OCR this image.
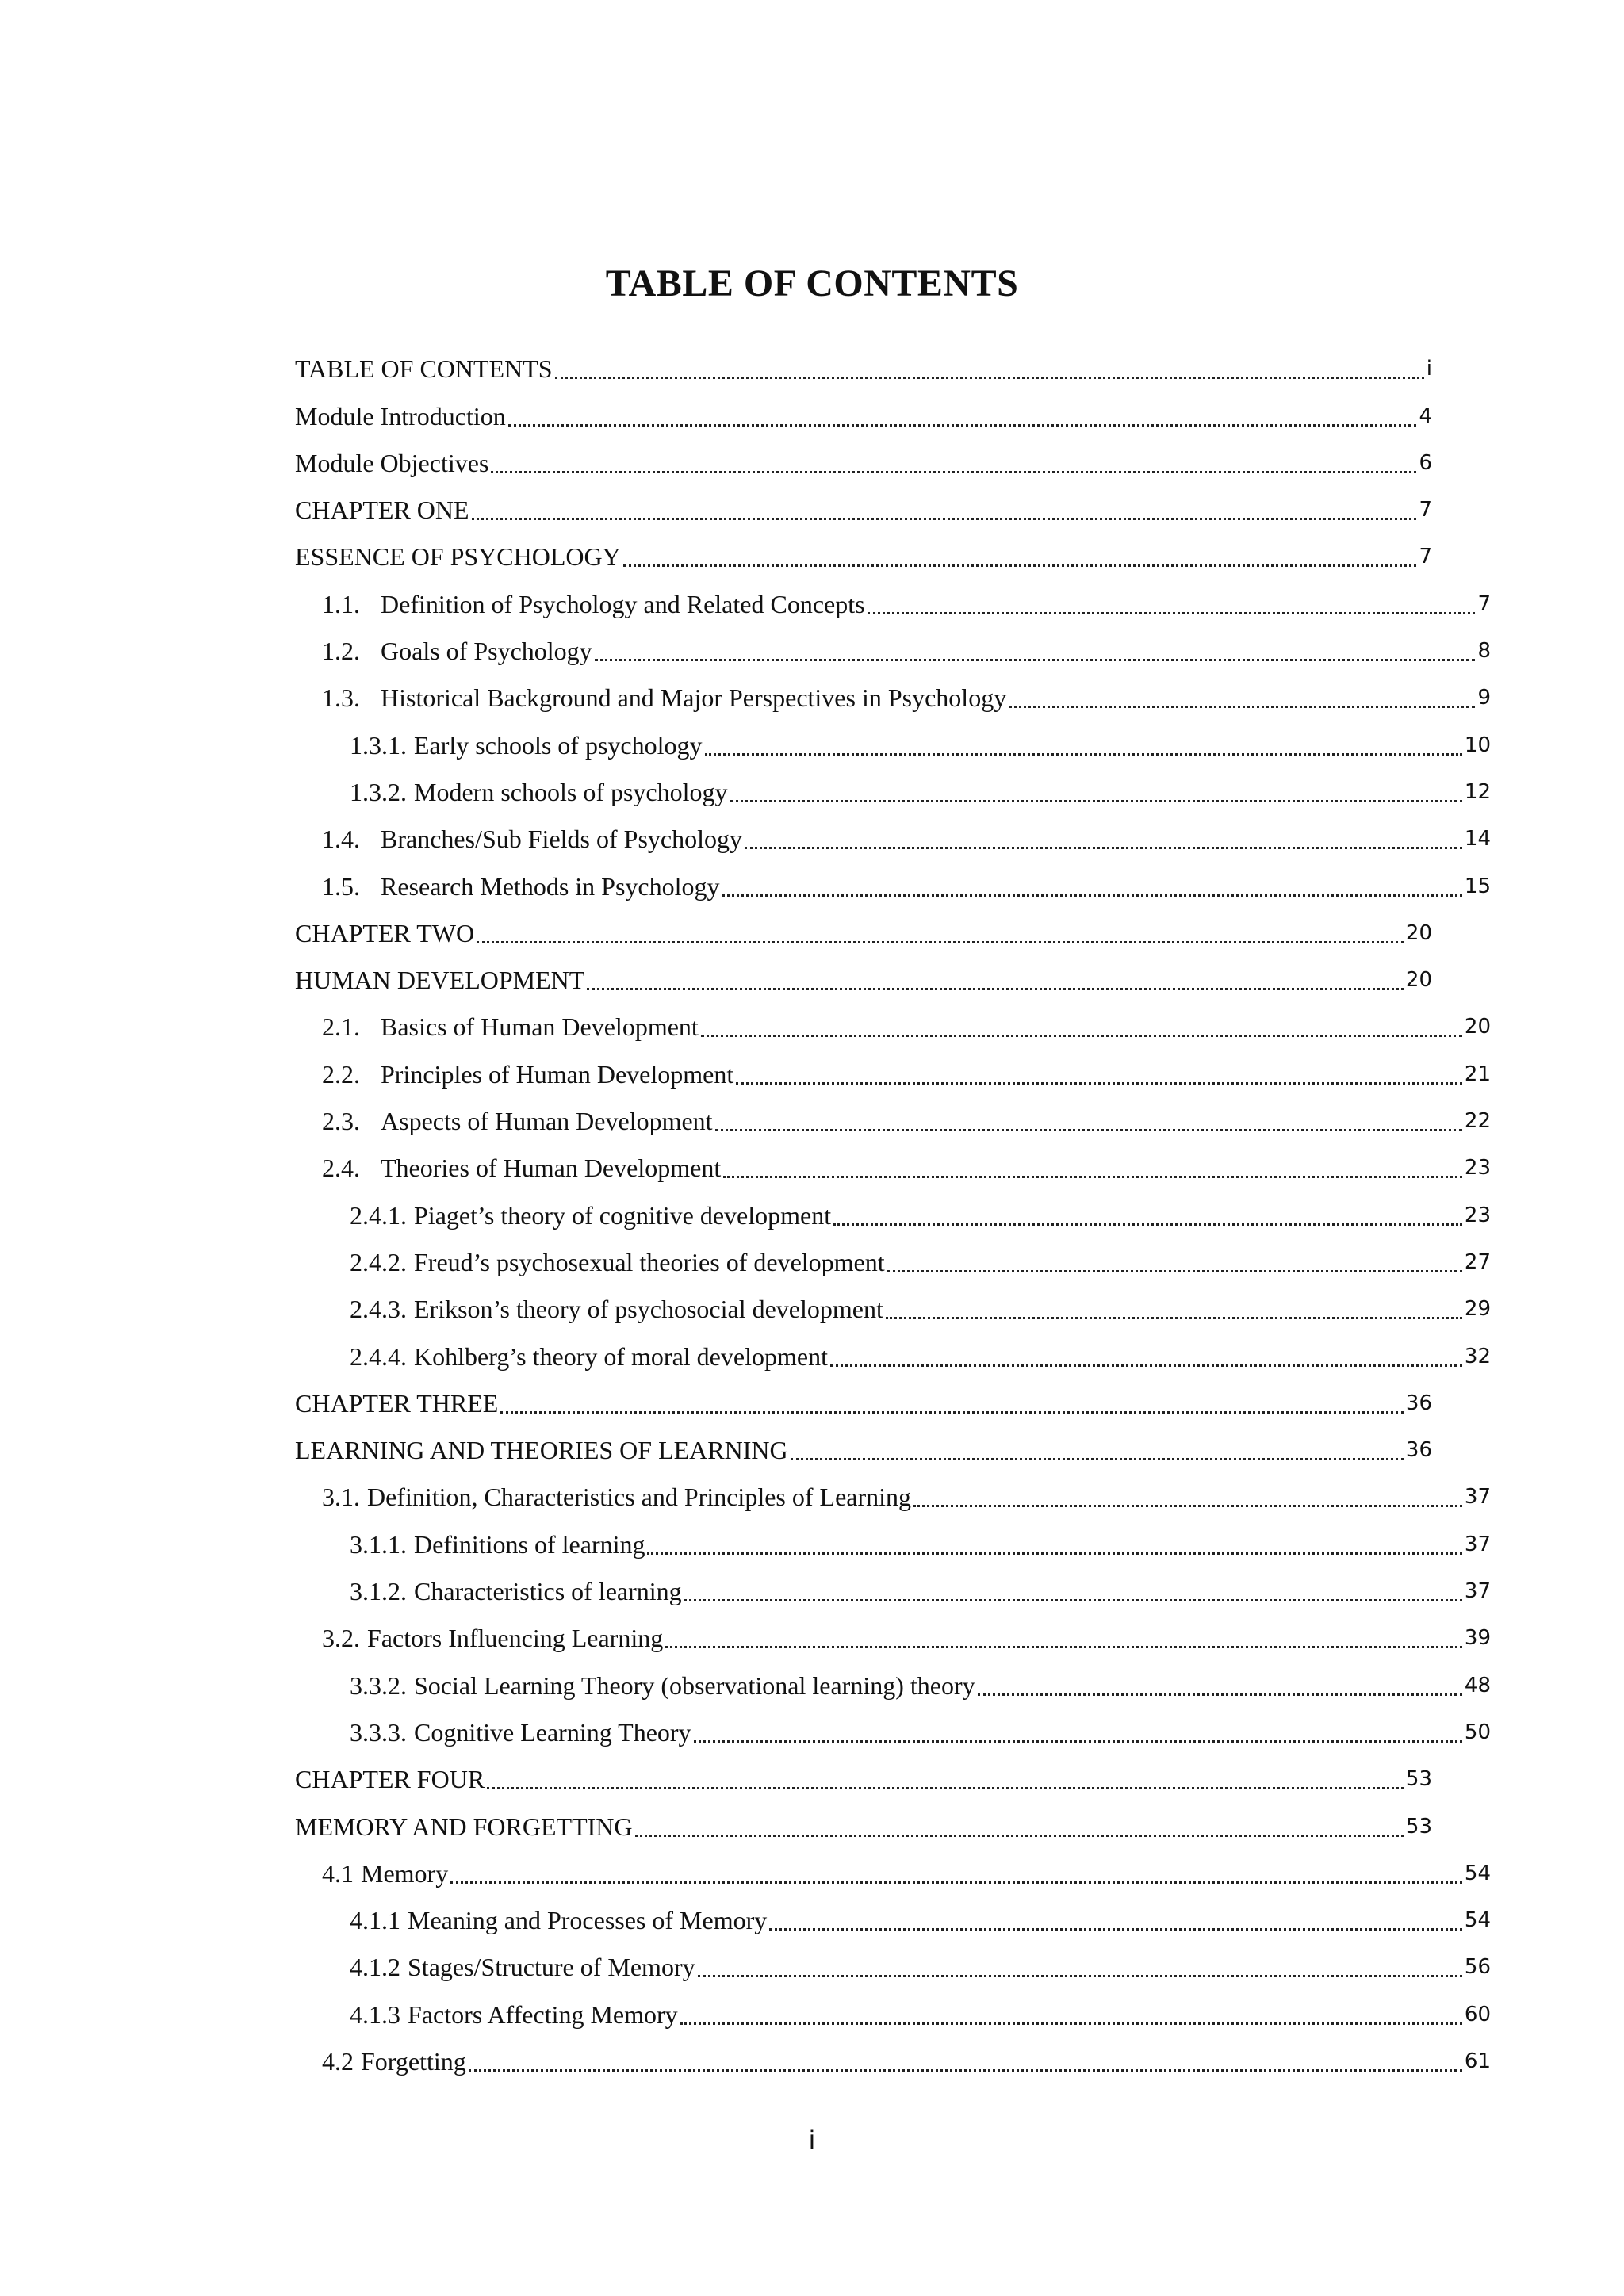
TABLE OF CONTENTS
TABLE OF CONTENTS	i
Module Introduction	4
Module Objectives	6
CHAPTER ONE	7
ESSENCE OF PSYCHOLOGY	7
1.1. Definition of Psychology and Related Concepts	7
1.2. Goals of Psychology	8
1.3. Historical Background and Major Perspectives in Psychology	9
1.3.1. Early schools of psychology	10
1.3.2. Modern schools of psychology	12
1.4. Branches/Sub Fields of Psychology	14
1.5. Research Methods in Psychology	15
CHAPTER TWO	20
HUMAN DEVELOPMENT	20
2.1. Basics of Human Development	20
2.2. Principles of Human Development	21
2.3. Aspects of Human Development	22
2.4. Theories of Human Development	23
2.4.1. Piaget’s theory of cognitive development	23
2.4.2. Freud’s psychosexual theories of development	27
2.4.3. Erikson’s theory of psychosocial development	29
2.4.4. Kohlberg’s theory of moral development	32
CHAPTER THREE	36
LEARNING AND THEORIES OF LEARNING	36
3.1. Definition, Characteristics and Principles of Learning	37
3.1.1. Definitions of learning	37
3.1.2. Characteristics of learning	37
3.2. Factors Influencing Learning	39
3.3.2. Social Learning Theory (observational learning) theory	48
3.3.3. Cognitive Learning Theory	50
CHAPTER FOUR	53
MEMORY AND FORGETTING	53
4.1 Memory	54
4.1.1 Meaning and Processes of Memory	54
4.1.2 Stages/Structure of Memory	56
4.1.3 Factors Affecting Memory	60
4.2 Forgetting	61
i
